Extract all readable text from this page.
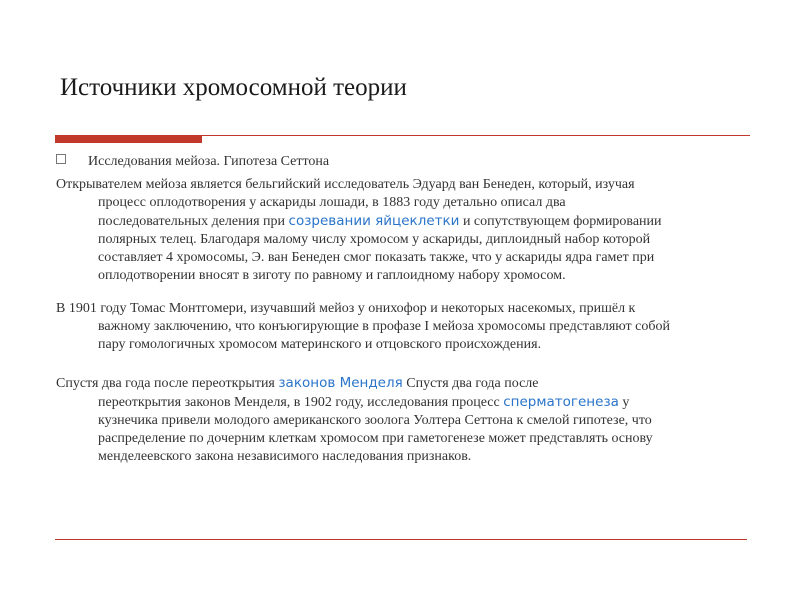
Источники хромосомной теории
Исследования мейоза. Гипотеза Сеттона
Открывателем мейоза является бельгийский исследователь Эдуард ван Бенеден, который, изучая
процесс оплодотворения у аскариды лошади, в 1883 году детально описал два
последовательных деления при созревании яйцеклетки и сопутствующем формировании
полярных телец. Благодаря малому числу хромосом у аскариды, диплоидный набор которой
составляет 4 хромосомы, Э. ван Бенеден смог показать также, что у аскариды ядра гамет при
оплодотворении вносят в зиготу по равному и гаплоидному набору хромосом.
В 1901 году Томас Монтгомери, изучавший мейоз у онихофор и некоторых насекомых, пришёл к
важному заключению, что конъюгирующие в профазе I мейоза хромосомы представляют собой
пару гомологичных хромосом материнского и отцовского происхождения.
Спустя два года после переоткрытия законов Менделя Спустя два года после
переоткрытия законов Менделя, в 1902 году, исследования процесс сперматогенеза у
кузнечика привели молодого американского зоолога Уолтера Сеттона к смелой гипотезе, что
распределение по дочерним клеткам хромосом при гаметогенезе может представлять основу
менделеевского закона независимого наследования признаков.
